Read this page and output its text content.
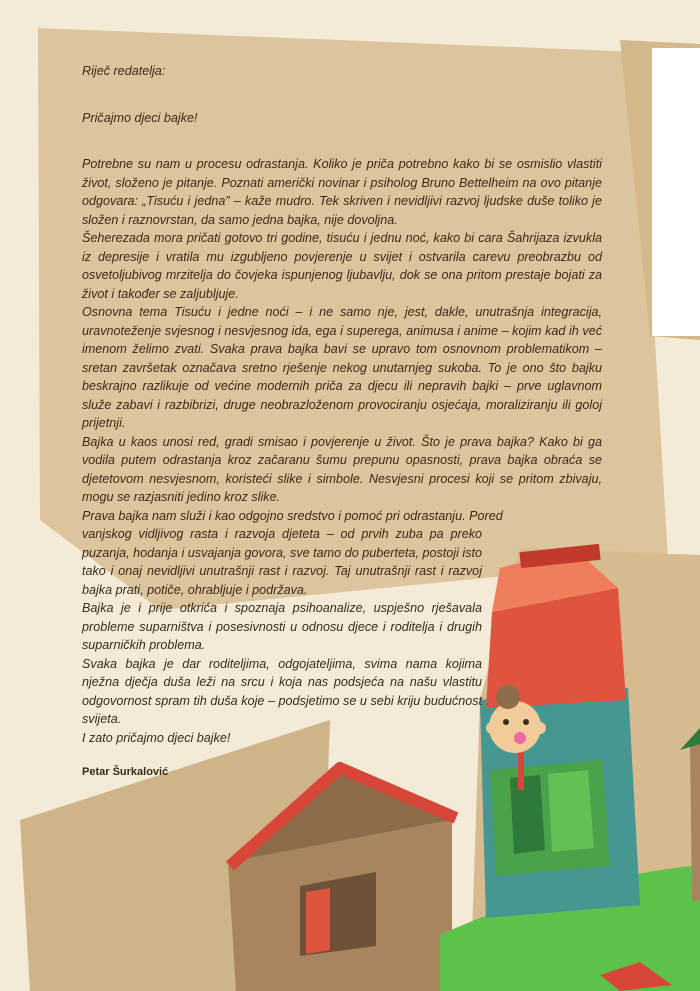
Riječ redatelja:

Pričajmo djeci bajke!

Potrebne su nam u procesu odrastanja. Koliko je priča potrebno kako bi se osmislio vlastiti život, složeno je pitanje. Poznati američki novinar i psiholog Bruno Bettelheim na ovo pitanje odgovara: „Tisuću i jedna” – kaže mudro. Tek skriven i nevidljivi razvoj ljudske duše toliko je složen i raznovrstan, da samo jedna bajka, nije dovoljna.

Šeherezada mora pričati gotovo tri godine, tisuću i jednu noć, kako bi cara Šahrijaza izvukla iz depresije i vratila mu izgubljeno povjerenje u svijet i ostvarila carevu preobrazbu od osvetoljubivog mrzitelja do čovjeka ispunjenog ljubavlju, dok se ona pritom prestaje bojati za život i također se zaljubljuje.

Osnovna tema Tisuću i jedne noći – i ne samo nje, jest, dakle, unutrašnja integracija, uravnoteženje svjesnog i nesvjesnog ida, ega i superega, animusa i anime – kojim kad ih već imenom želimo zvati. Svaka prava bajka bavi se upravo tom osnovnom problematikom – sretan završetak označava sretno rješenje nekog unutarnjeg sukoba. To je ono što bajku beskrajno razlikuje od većine modernih priča za djecu ili nepravih bajki – prve uglavnom služe zabavi i razbibrizi, druge neobrazloženom provociranju osjećaja, moraliziranju ili goloj prijetnji.

Bajka u kaos unosi red, gradi smisao i povjerenje u život. Što je prava bajka? Kako bi ga vodila putem odrastanja kroz začaranu šumu prepunu opasnosti, prava bajka obraća se djetetovom nesvjesnom, koristeći slike i simbole. Nesvjesni procesi koji se pritom zbivaju, mogu se razjasniti jedino kroz slike.

Prava bajka nam služi i kao odgojno sredstvo i pomoć pri odrastanju. Pored

vanjskog vidljivog rasta i razvoja djeteta – od prvih zuba pa preko puzanja, hodanja i usvajanja govora, sve tamo do puberteta, postoji isto tako i onaj nevidljivi unutrašnji rast i razvoj. Taj unutrašnji rast i razvoj bajka prati, potiče, ohrabljuje i podržava.

Bajka je i prije otkrića i spoznaja psihoanalize, uspješno rješavala probleme suparništva i posesivnosti u odnosu djece i roditelja i drugih suparničkih problema.

Svaka bajka je dar roditeljima, odgojateljima, svima nama kojima nježna dječja duša leži na srcu i koja nas podsjeća na našu vlastitu odgovornost spram tih duša koje – podsjetimo se u sebi kriju budućnost svijeta.

I zato pričajmo djeci bajke!

Petar Šurkalović
